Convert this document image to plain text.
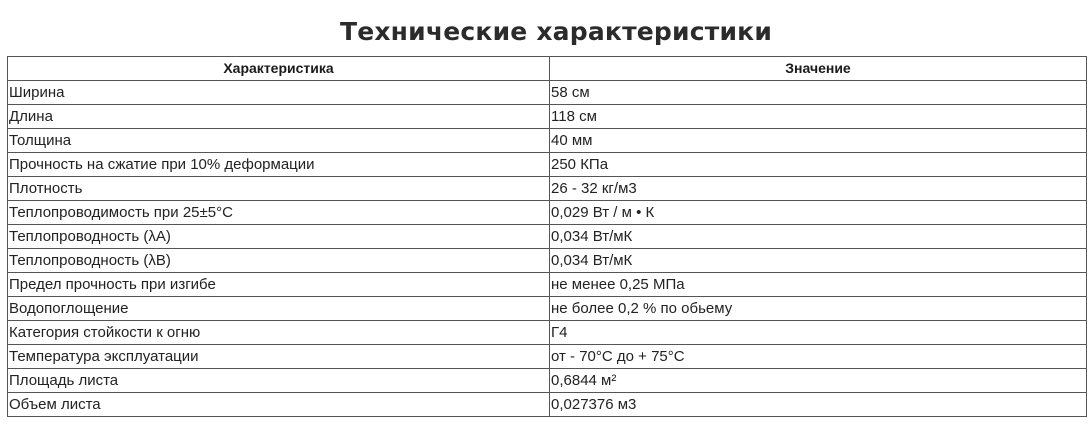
Технические характеристики
Характеристика	Значение
Ширина	58 см
Длина	118 см
Толщина	40 мм
Прочность на сжатие при 10% деформации	250 КПа
Плотность	26 - 32 кг/м3
Теплопроводимость при 25±5°С	0,029 Вт / м • К
Теплопроводность (λА)	0,034 Вт/мК
Теплопроводность (λВ)	0,034 Вт/мК
Предел прочность при изгибе	не менее 0,25 МПа
Водопоглощение	не более 0,2 % по обьему
Категория стойкости к огню	Г4
Температура эксплуатации	от - 70°С до + 75°С
Площадь листа	0,6844 м²
Объем листа	0,027376 м3
